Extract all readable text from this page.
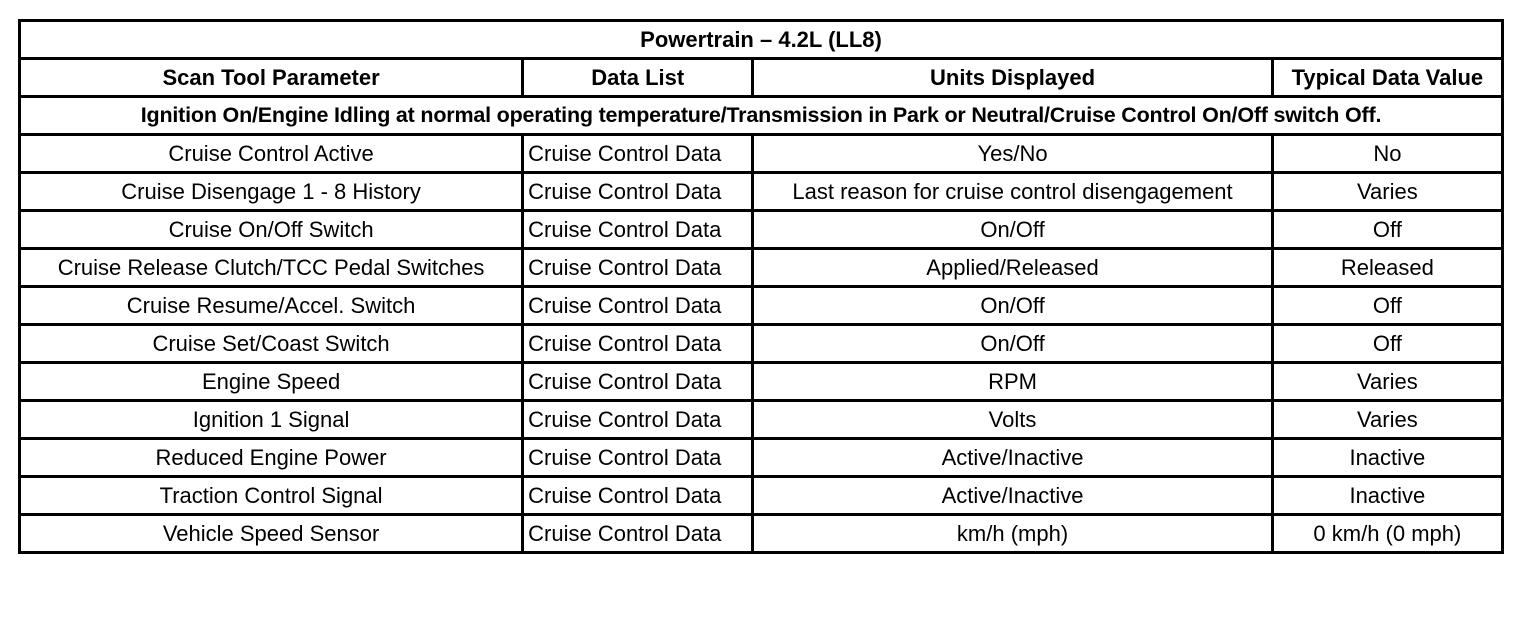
Powertrain – 4.2L (LL8)			
Scan Tool Parameter	Data List	Units Displayed	Typical Data Value
Ignition On/Engine Idling at normal operating temperature/Transmission in Park or Neutral/Cruise Control On/Off switch Off.			
Cruise Control Active	Cruise Control Data	Yes/No	No
Cruise Disengage 1 - 8 History	Cruise Control Data	Last reason for cruise control disengagement	Varies
Cruise On/Off Switch	Cruise Control Data	On/Off	Off
Cruise Release Clutch/TCC Pedal Switches	Cruise Control Data	Applied/Released	Released
Cruise Resume/Accel. Switch	Cruise Control Data	On/Off	Off
Cruise Set/Coast Switch	Cruise Control Data	On/Off	Off
Engine Speed	Cruise Control Data	RPM	Varies
Ignition 1 Signal	Cruise Control Data	Volts	Varies
Reduced Engine Power	Cruise Control Data	Active/Inactive	Inactive
Traction Control Signal	Cruise Control Data	Active/Inactive	Inactive
Vehicle Speed Sensor	Cruise Control Data	km/h (mph)	0 km/h (0 mph)
